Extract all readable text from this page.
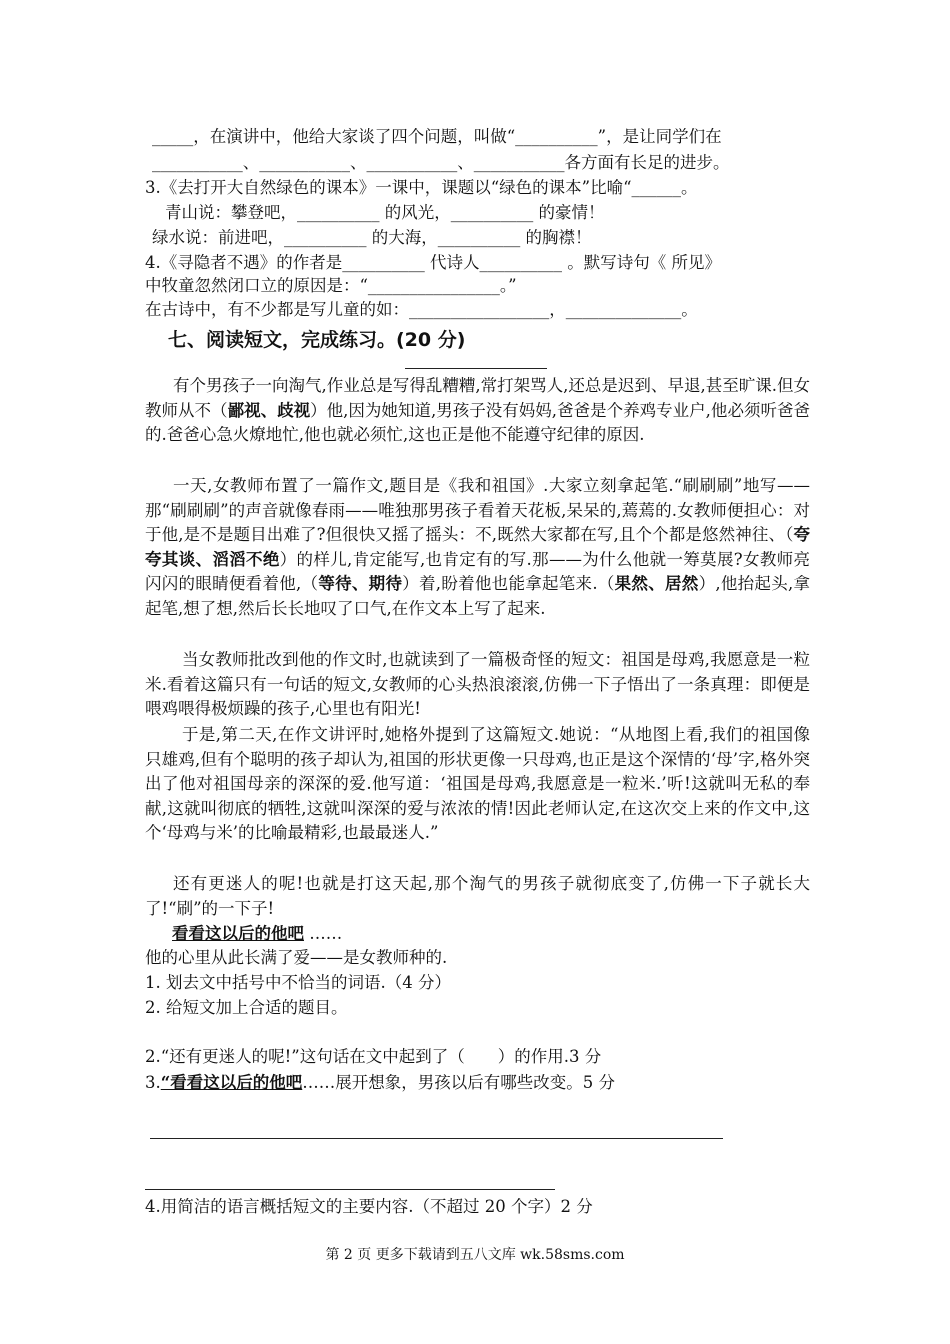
_____，在演讲中，他给大家谈了四个问题，叫做“__________”，是让同学们在
___________、___________、___________、___________各方面有长足的进步。
3.《去打开大自然绿色的课本》一课中，课题以“绿色的课本”比喻“______。
青山说：攀登吧，__________ 的风光，__________ 的豪情！
绿水说：前进吧，__________ 的大海，__________ 的胸襟！
4.《寻隐者不遇》的作者是__________ 代诗人__________ 。默写诗句《 所见》
中牧童忽然闭口立的原因是：“________________。”
在古诗中，有不少都是写儿童的如：_________________，______________。
七、阅读短文，完成练习。(20 分)
有个男孩子一向淘气,作业总是写得乱糟糟,常打架骂人,还总是迟到、早退,甚至旷课.但女教师从不（鄙视、歧视）他,因为她知道,男孩子没有妈妈,爸爸是个养鸡专业户,他必须听爸爸的.爸爸心急火燎地忙,他也就必须忙,这也正是他不能遵守纪律的原因.
一天,女教师布置了一篇作文,题目是《我和祖国》.大家立刻拿起笔.“刷刷刷”地写——那“刷刷刷”的声音就像春雨——唯独那男孩子看着天花板,呆呆的,蔫蔫的.女教师便担心：对于他,是不是题目出难了?但很快又摇了摇头：不,既然大家都在写,且个个都是悠然神往、（夸夸其谈、滔滔不绝）的样儿,肯定能写,也肯定有的写.那——为什么他就一筹莫展?女教师亮闪闪的眼睛便看着他,（等待、期待）着,盼着他也能拿起笔来.（果然、居然）,他抬起头,拿起笔,想了想,然后长长地叹了口气,在作文本上写了起来.
当女教师批改到他的作文时,也就读到了一篇极奇怪的短文：祖国是母鸡,我愿意是一粒米.看着这篇只有一句话的短文,女教师的心头热浪滚滚,仿佛一下子悟出了一条真理：即便是喂鸡喂得极烦躁的孩子,心里也有阳光!
于是,第二天,在作文讲评时,她格外提到了这篇短文.她说：“从地图上看,我们的祖国像只雄鸡,但有个聪明的孩子却认为,祖国的形状更像一只母鸡,也正是这个深情的‘母’字,格外突出了他对祖国母亲的深深的爱.他写道：‘祖国是母鸡,我愿意是一粒米.’听!这就叫无私的奉献,这就叫彻底的牺牲,这就叫深深的爱与浓浓的情!因此老师认定,在这次交上来的作文中,这个‘母鸡与米’的比喻最精彩,也最最迷人.”
还有更迷人的呢!也就是打这天起,那个淘气的男孩子就彻底变了,仿佛一下子就长大了!“刷”的一下子!
看看这以后的他吧 ……
他的心里从此长满了爱——是女教师种的.
1. 划去文中括号中不恰当的词语.（4 分）
2. 给短文加上合适的题目。
2.“还有更迷人的呢!”这句话在文中起到了（　　）的作用.3 分
3.“看看这以后的他吧……展开想象，男孩以后有哪些改变。5 分
4.用简洁的语言概括短文的主要内容.（不超过 20 个字）2 分
第 2 页 更多下载请到五八文库 wk.58sms.com
